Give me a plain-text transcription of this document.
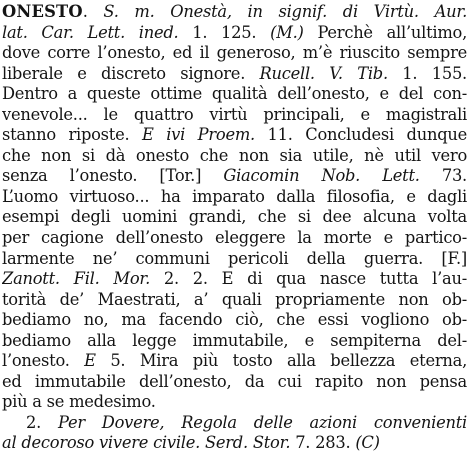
ONESTO. S. m. Onestà, in signif. di Virtù. Aur.
lat. Car. Lett. ined. 1. 125. (M.) Perchè all’ultimo,
dove corre l’onesto, ed il generoso, m’è riuscito sempre
liberale e discreto signore. Rucell. V. Tib. 1. 155.
Dentro a queste ottime qualità dell’onesto, e del con-
venevole... le quattro virtù principali, e magistrali
stanno riposte. E ivi Proem. 11. Concludesi dunque
che non si dà onesto che non sia utile, nè util vero
senza l’onesto. [Tor.] Giacomin Nob. Lett. 73.
L’uomo virtuoso... ha imparato dalla filosofia, e dagli
esempi degli uomini grandi, che si dee alcuna volta
per cagione dell’onesto eleggere la morte e partico-
larmente ne’ communi pericoli della guerra. [F.]
Zanott. Fil. Mor. 2. 2. E di qua nasce tutta l’au-
torità de’ Maestrati, a’ quali propriamente non ob-
bediamo no, ma facendo ciò, che essi vogliono ob-
bediamo alla legge immutabile, e sempiterna del-
l’onesto. E 5. Mira più tosto alla bellezza eterna,
ed immutabile dell’onesto, da cui rapito non pensa
più a se medesimo.
2. Per Dovere, Regola delle azioni convenienti
al decoroso vivere civile. Serd. Stor. 7. 283. (C)
